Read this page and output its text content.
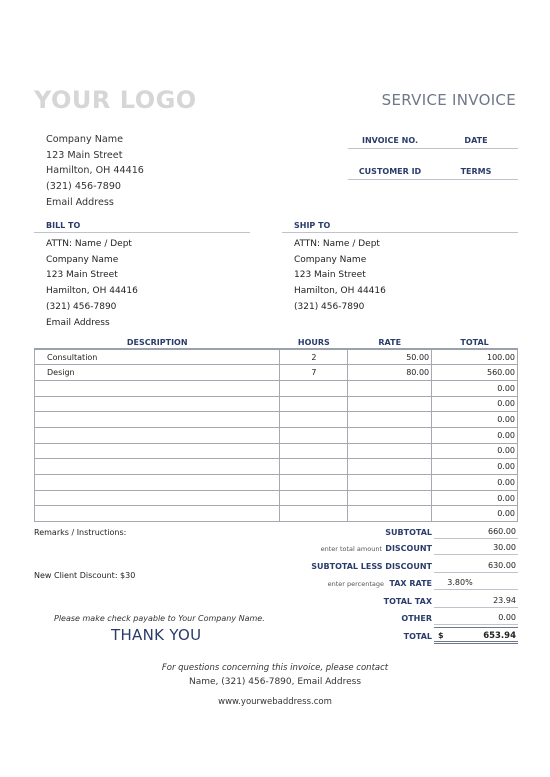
YOUR LOGO	SERVICE INVOICE
Company Name
123 Main Street
Hamilton, OH 44416
(321) 456-7890
Email Address
INVOICE NO.	DATE
CUSTOMER ID	TERMS
BILL TO
ATTN: Name / Dept
Company Name
123 Main Street
Hamilton, OH 44416
(321) 456-7890
Email Address
SHIP TO
ATTN: Name / Dept
Company Name
123 Main Street
Hamilton, OH 44416
(321) 456-7890
DESCRIPTION	HOURS	RATE	TOTAL
Consultation	2	50.00	100.00
Design	7	80.00	560.00
			0.00
			0.00
			0.00
			0.00
			0.00
			0.00
			0.00
			0.00
			0.00
Remarks / Instructions:
New Client Discount: $30
SUBTOTAL	660.00
enter total amount DISCOUNT	30.00
SUBTOTAL LESS DISCOUNT	630.00
enter percentage TAX RATE	3.80%
TOTAL TAX	23.94
OTHER	0.00
TOTAL $	653.94
Please make check payable to Your Company Name.
THANK YOU
For questions concerning this invoice, please contact
Name, (321) 456-7890, Email Address
www.yourwebaddress.com
